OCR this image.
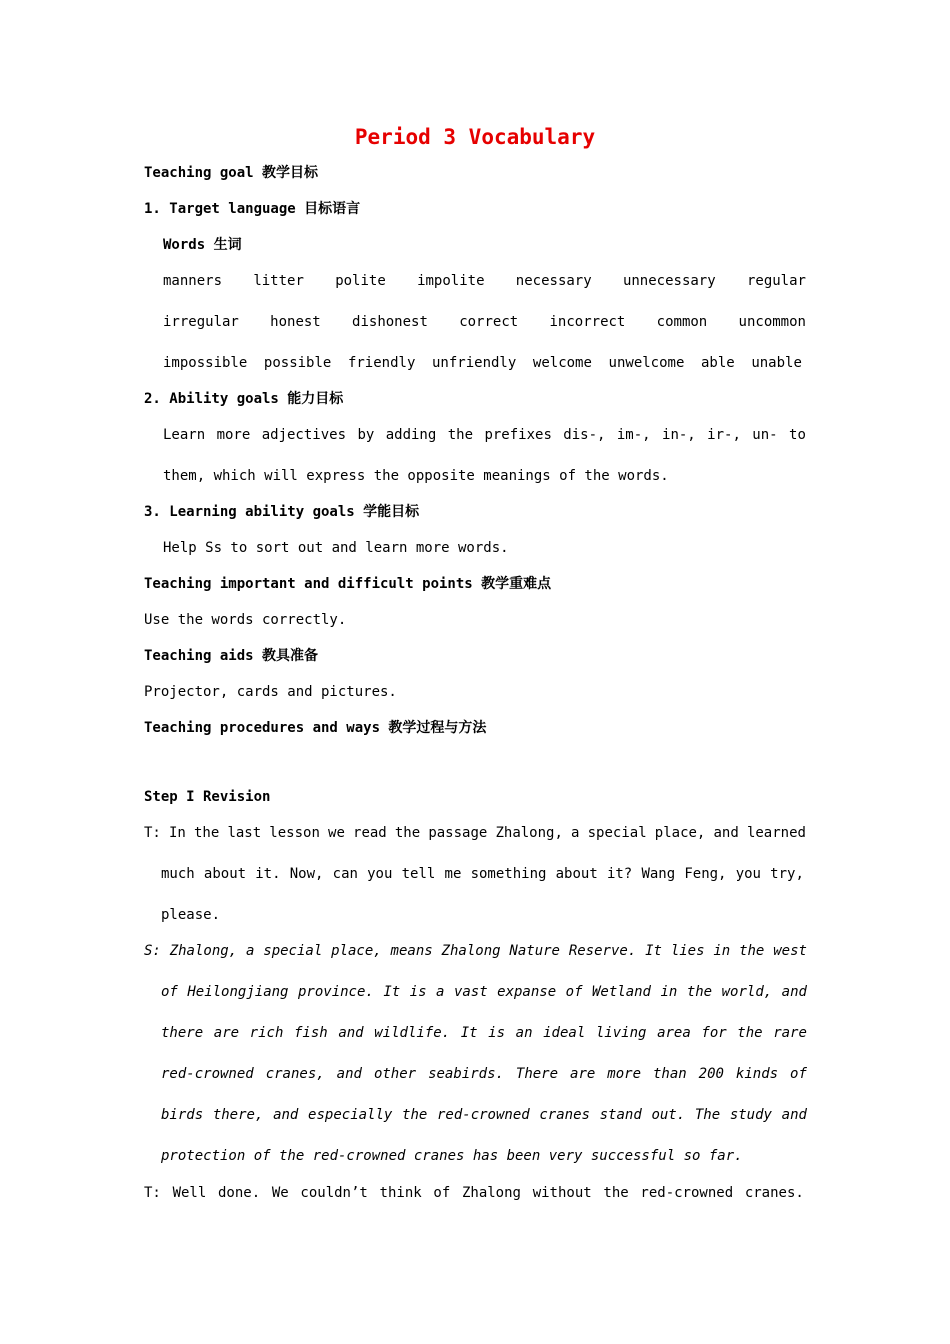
Period 3 Vocabulary
Teaching goal 教学目标
1. Target language 目标语言
Words 生词
manners litter polite impolite necessary unnecessary regular
irregular honest dishonest correct incorrect common uncommon
impossible possible friendly unfriendly welcome unwelcome able unable
2. Ability goals 能力目标
Learn more adjectives by adding the prefixes dis-, im-, in-, ir-, un- to
them, which will express the opposite meanings of the words.
3. Learning ability goals 学能目标
Help Ss to sort out and learn more words.
Teaching important and difficult points 教学重难点
Use the words correctly.
Teaching aids 教具准备
Projector, cards and pictures.
Teaching procedures and ways 教学过程与方法
Step I Revision
T: In the last lesson we read the passage Zhalong, a special place, and learned
much about it. Now, can you tell me something about it? Wang Feng, you try,
please.
S: Zhalong, a special place, means Zhalong Nature Reserve. It lies in the west
of Heilongjiang province. It is a vast expanse of Wetland in the world, and
there are rich fish and wildlife. It is an ideal living area for the rare
red-crowned cranes, and other seabirds. There are more than 200 kinds of
birds there, and especially the red-crowned cranes stand out. The study and
protection of the red-crowned cranes has been very successful so far.
T: Well done. We couldn’t think of Zhalong without the red-crowned cranes.
